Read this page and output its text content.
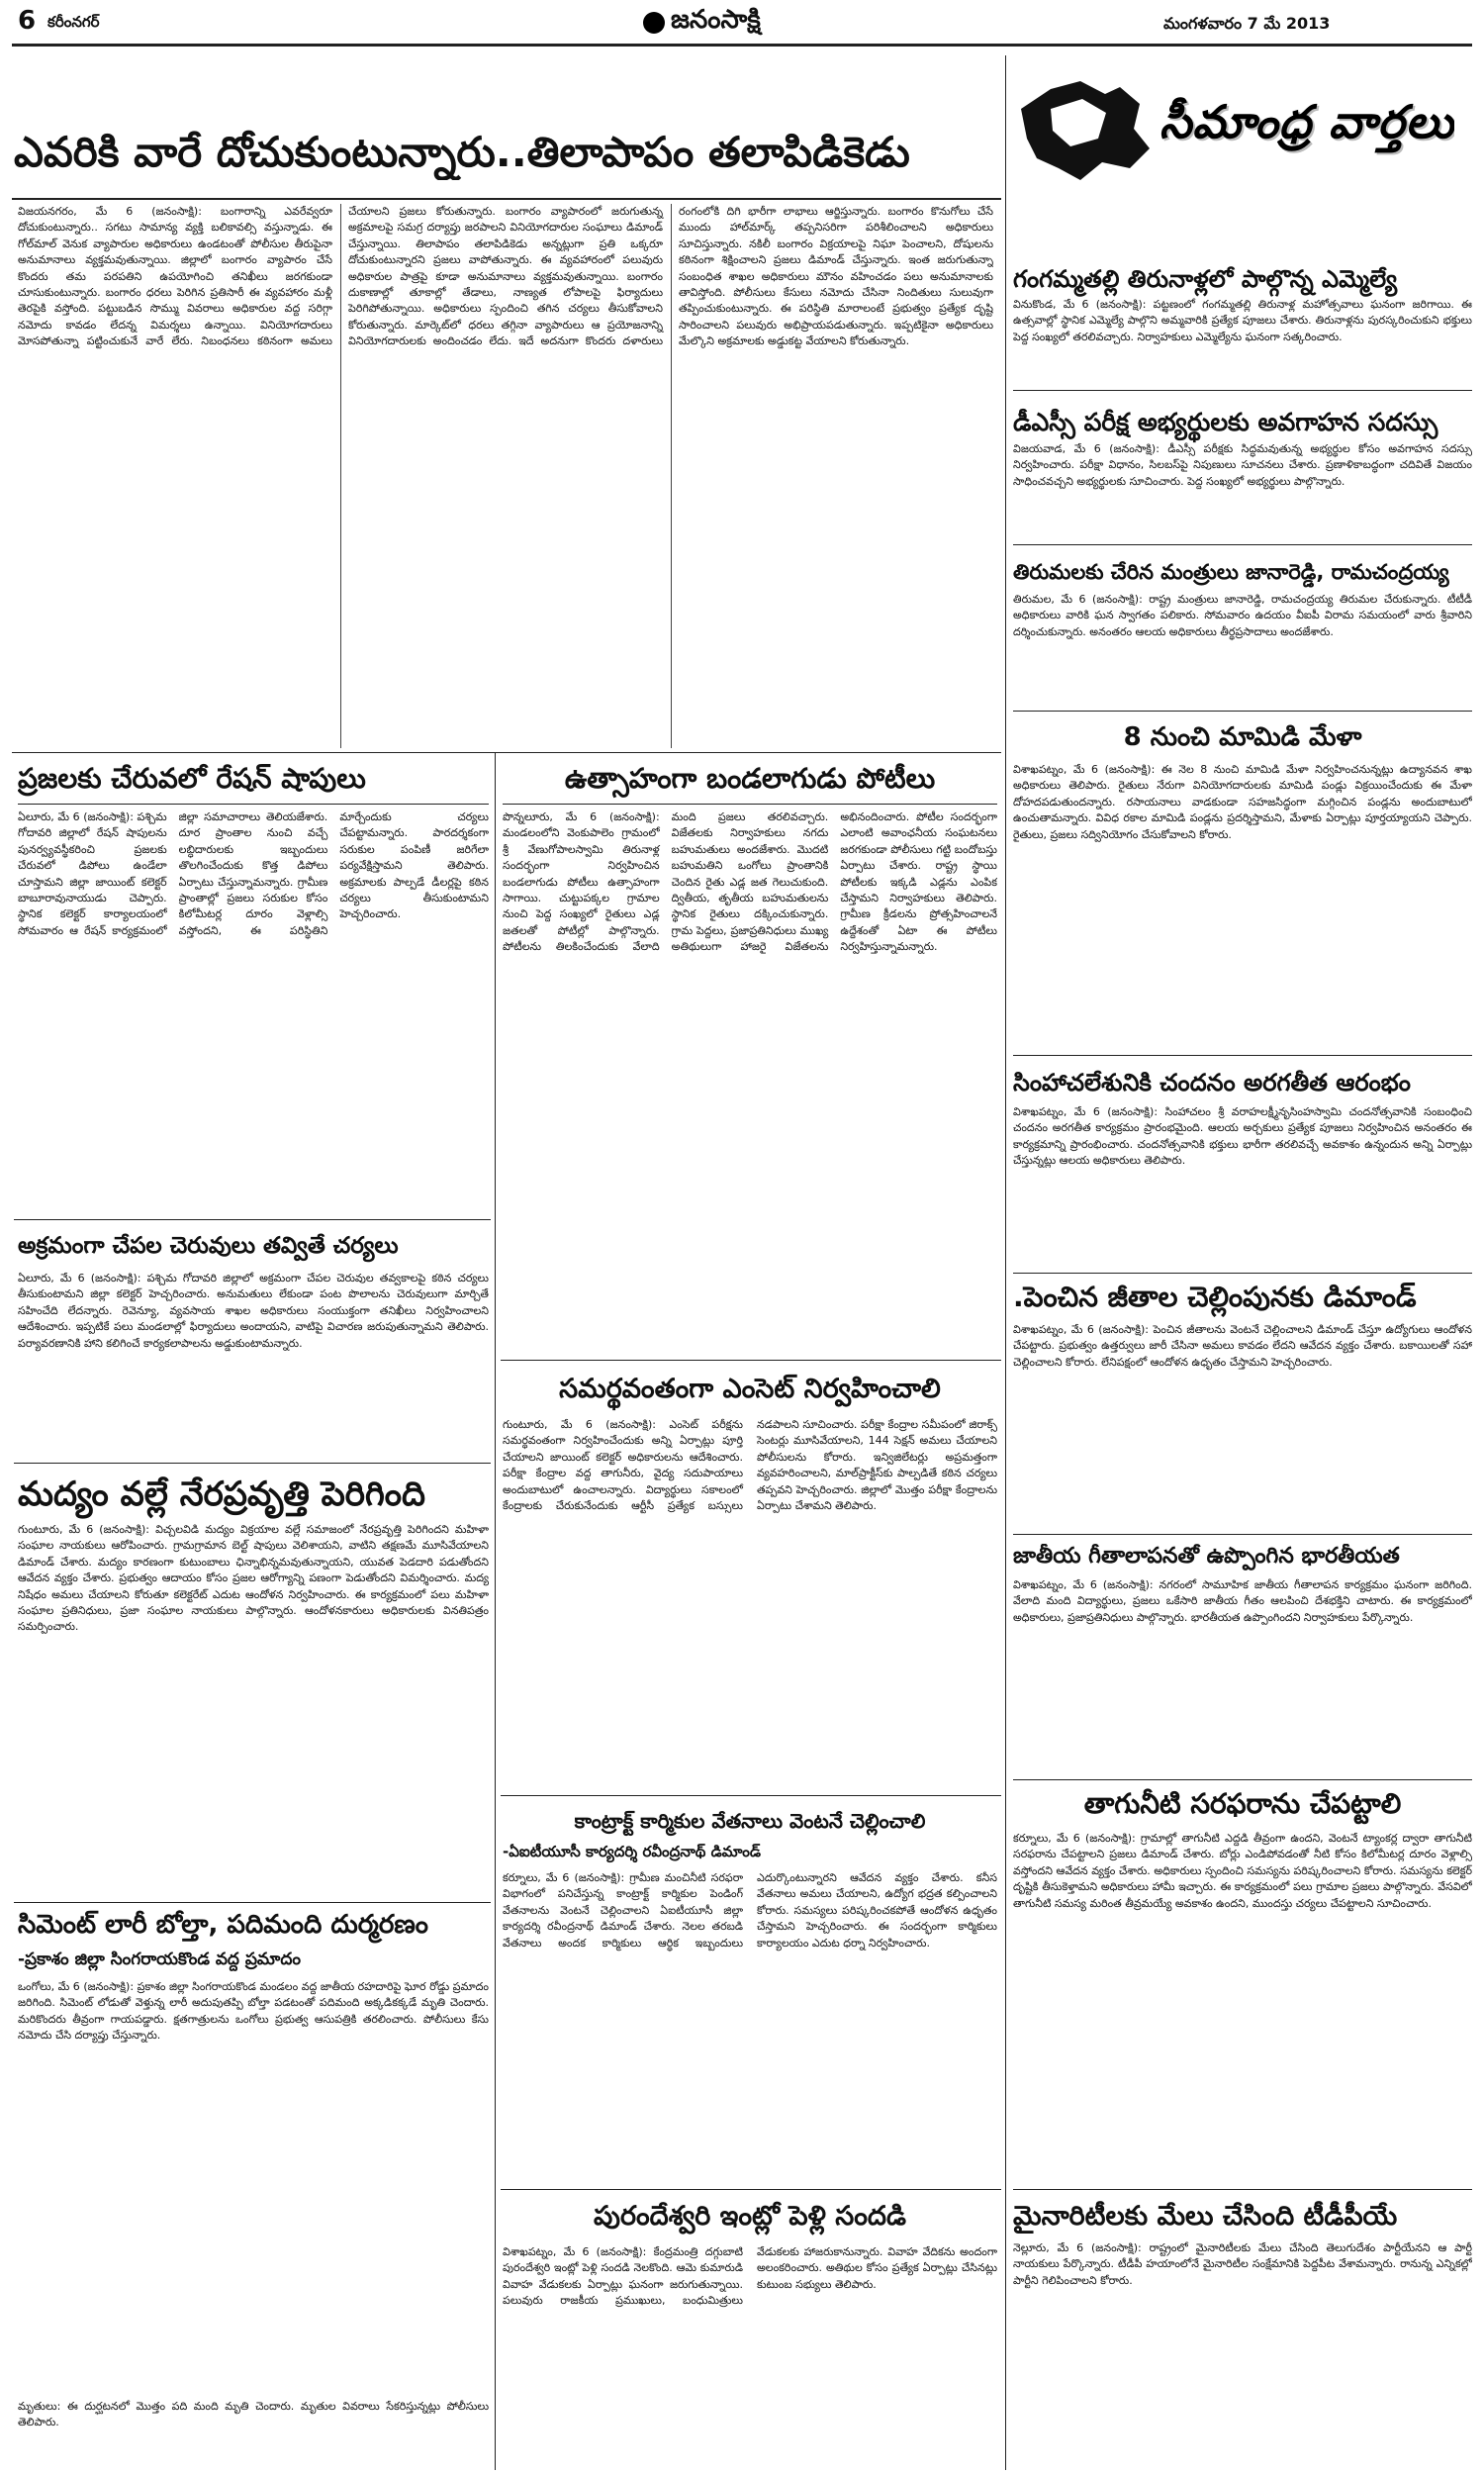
6 కరీంనగర్	జనంసాక్షి	మంగళవారం 7 మే 2013
ఎవరికి వారే దోచుకుంటున్నారు..తిలాపాపం తలాపిడికెడు
విజయనగరం, మే 6 (జనంసాక్షి): బంగారాన్ని ఎవరేవ్వరూ దోచుకుంటున్నారు.. సగటు సామాన్య వ్యక్తి బలికావల్సి వస్తున్నాడు. ఈ గోల్‌మాల్‌ వెనుక వ్యాపారుల అధికారులు ఉండటంతో పోలీసుల తీరుపైనా అనుమానాలు వ్యక్తమవుతున్నాయి. జిల్లాలో బంగారం వ్యాపారం చేసే కొందరు తమ పరపతిని ఉపయోగించి తనిఖీలు జరగకుండా చూసుకుంటున్నారు. బంగారం ధరలు పెరిగిన ప్రతిసారీ ఈ వ్యవహారం మళ్లీ తెరపైకి వస్తోంది. పట్టుబడిన సొమ్ము వివరాలు అధికారుల వద్ద సరిగ్గా నమోదు కావడం లేదన్న విమర్శలు ఉన్నాయి. వినియోగదారులు మోసపోతున్నా పట్టించుకునే వారే లేరు. నిబంధనలు కఠినంగా అమలు చేయాలని ప్రజలు కోరుతున్నారు. బంగారం వ్యాపారంలో జరుగుతున్న అక్రమాలపై సమగ్ర దర్యాప్తు జరపాలని వినియోగదారుల సంఘాలు డిమాండ్‌ చేస్తున్నాయి. తిలాపాపం తలాపిడికెడు అన్నట్లుగా ప్రతి ఒక్కరూ దోచుకుంటున్నారని ప్రజలు వాపోతున్నారు. ఈ వ్యవహారంలో పలువురు అధికారుల పాత్రపై కూడా అనుమానాలు వ్యక్తమవుతున్నాయి. బంగారం దుకాణాల్లో తూకాల్లో తేడాలు, నాణ్యత లోపాలపై ఫిర్యాదులు పెరిగిపోతున్నాయి. అధికారులు స్పందించి తగిన చర్యలు తీసుకోవాలని కోరుతున్నారు. మార్కెట్‌లో ధరలు తగ్గినా వ్యాపారులు ఆ ప్రయోజనాన్ని వినియోగదారులకు అందించడం లేదు. ఇదే అదనుగా కొందరు దళారులు రంగంలోకి దిగి భారీగా లాభాలు ఆర్జిస్తున్నారు. బంగారం కొనుగోలు చేసే ముందు హాల్‌మార్క్‌ తప్పనిసరిగా పరిశీలించాలని అధికారులు సూచిస్తున్నారు. నకిలీ బంగారం విక్రయాలపై నిఘా పెంచాలని, దోషులను కఠినంగా శిక్షించాలని ప్రజలు డిమాండ్‌ చేస్తున్నారు. ఇంత జరుగుతున్నా సంబంధిత శాఖల అధికారులు మౌనం వహించడం పలు అనుమానాలకు తావిస్తోంది. పోలీసులు కేసులు నమోదు చేసినా నిందితులు సులువుగా తప్పించుకుంటున్నారు. ఈ పరిస్థితి మారాలంటే ప్రభుత్వం ప్రత్యేక దృష్టి సారించాలని పలువురు అభిప్రాయపడుతున్నారు. ఇప్పటికైనా అధికారులు మేల్కొని అక్రమాలకు అడ్డుకట్ట వేయాలని కోరుతున్నారు.
సీమాంధ్ర వార్తలు
గంగమ్మతల్లి తిరునాళ్లలో పాల్గొన్న ఎమ్మెల్యే
వినుకొండ, మే 6 (జనంసాక్షి): పట్టణంలో గంగమ్మతల్లి తిరునాళ్ల మహోత్సవాలు ఘనంగా జరిగాయి. ఈ ఉత్సవాల్లో స్థానిక ఎమ్మెల్యే పాల్గొని అమ్మవారికి ప్రత్యేక పూజలు చేశారు. తిరునాళ్లను పురస్కరించుకుని భక్తులు పెద్ద సంఖ్యలో తరలివచ్చారు. నిర్వాహకులు ఎమ్మెల్యేను ఘనంగా సత్కరించారు.
డీఎస్సీ పరీక్ష అభ్యర్థులకు అవగాహన సదస్సు
విజయవాడ, మే 6 (జనంసాక్షి): డీఎస్సీ పరీక్షకు సిద్ధమవుతున్న అభ్యర్థుల కోసం అవగాహన సదస్సు నిర్వహించారు. పరీక్షా విధానం, సిలబస్‌పై నిపుణులు సూచనలు చేశారు. ప్రణాళికాబద్ధంగా చదివితే విజయం సాధించవచ్చని అభ్యర్థులకు సూచించారు. పెద్ద సంఖ్యలో అభ్యర్థులు పాల్గొన్నారు.
తిరుమలకు చేరిన మంత్రులు జానారెడ్డి, రామచంద్రయ్య
తిరుమల, మే 6 (జనంసాక్షి): రాష్ట్ర మంత్రులు జానారెడ్డి, రామచంద్రయ్య తిరుమల చేరుకున్నారు. టీటీడీ అధికారులు వారికి ఘన స్వాగతం పలికారు. సోమవారం ఉదయం వీఐపీ విరామ సమయంలో వారు శ్రీవారిని దర్శించుకున్నారు. అనంతరం ఆలయ అధికారులు తీర్థప్రసాదాలు అందజేశారు.
8 నుంచి మామిడి మేళా
విశాఖపట్నం, మే 6 (జనంసాక్షి): ఈ నెల 8 నుంచి మామిడి మేళా నిర్వహించనున్నట్లు ఉద్యానవన శాఖ అధికారులు తెలిపారు. రైతులు నేరుగా వినియోగదారులకు మామిడి పండ్లు విక్రయించేందుకు ఈ మేళా దోహదపడుతుందన్నారు. రసాయనాలు వాడకుండా సహజసిద్ధంగా మగ్గించిన పండ్లను అందుబాటులో ఉంచుతామన్నారు. వివిధ రకాల మామిడి పండ్లను ప్రదర్శిస్తామని, మేళాకు ఏర్పాట్లు పూర్తయ్యాయని చెప్పారు. రైతులు, ప్రజలు సద్వినియోగం చేసుకోవాలని కోరారు.
సింహాచలేశునికి చందనం అరగతీత ఆరంభం
విశాఖపట్నం, మే 6 (జనంసాక్షి): సింహాచలం శ్రీ వరాహలక్ష్మీనృసింహస్వామి చందనోత్సవానికి సంబంధించి చందనం అరగతీత కార్యక్రమం ప్రారంభమైంది. ఆలయ అర్చకులు ప్రత్యేక పూజలు నిర్వహించిన అనంతరం ఈ కార్యక్రమాన్ని ప్రారంభించారు. చందనోత్సవానికి భక్తులు భారీగా తరలివచ్చే అవకాశం ఉన్నందున అన్ని ఏర్పాట్లు చేస్తున్నట్లు ఆలయ అధికారులు తెలిపారు.
.పెంచిన జీతాల చెల్లింపునకు డిమాండ్‌
విశాఖపట్నం, మే 6 (జనంసాక్షి): పెంచిన జీతాలను వెంటనే చెల్లించాలని డిమాండ్‌ చేస్తూ ఉద్యోగులు ఆందోళన చేపట్టారు. ప్రభుత్వం ఉత్తర్వులు జారీ చేసినా అమలు కావడం లేదని ఆవేదన వ్యక్తం చేశారు. బకాయిలతో సహా చెల్లించాలని కోరారు. లేనిపక్షంలో ఆందోళన ఉధృతం చేస్తామని హెచ్చరించారు.
జాతీయ గీతాలాపనతో ఉప్పొంగిన భారతీయత
విశాఖపట్నం, మే 6 (జనంసాక్షి): నగరంలో సామూహిక జాతీయ గీతాలాపన కార్యక్రమం ఘనంగా జరిగింది. వేలాది మంది విద్యార్థులు, ప్రజలు ఒకేసారి జాతీయ గీతం ఆలపించి దేశభక్తిని చాటారు. ఈ కార్యక్రమంలో అధికారులు, ప్రజాప్రతినిధులు పాల్గొన్నారు. భారతీయత ఉప్పొంగిందని నిర్వాహకులు పేర్కొన్నారు.
తాగునీటి సరఫరాను చేపట్టాలి
కర్నూలు, మే 6 (జనంసాక్షి): గ్రామాల్లో తాగునీటి ఎద్దడి తీవ్రంగా ఉందని, వెంటనే ట్యాంకర్ల ద్వారా తాగునీటి సరఫరాను చేపట్టాలని ప్రజలు డిమాండ్‌ చేశారు. బోర్లు ఎండిపోవడంతో నీటి కోసం కిలోమీటర్ల దూరం వెళ్లాల్సి వస్తోందని ఆవేదన వ్యక్తం చేశారు. అధికారులు స్పందించి సమస్యను పరిష్కరించాలని కోరారు. సమస్యను కలెక్టర్‌ దృష్టికి తీసుకెళ్తామని అధికారులు హామీ ఇచ్చారు. ఈ కార్యక్రమంలో పలు గ్రామాల ప్రజలు పాల్గొన్నారు. వేసవిలో తాగునీటి సమస్య మరింత తీవ్రమయ్యే అవకాశం ఉందని, ముందస్తు చర్యలు చేపట్టాలని సూచించారు.
మైనారిటీలకు మేలు చేసింది టీడీపీయే
నెల్లూరు, మే 6 (జనంసాక్షి): రాష్ట్రంలో మైనారిటీలకు మేలు చేసింది తెలుగుదేశం పార్టీయేనని ఆ పార్టీ నాయకులు పేర్కొన్నారు. టీడీపీ హయాంలోనే మైనారిటీల సంక్షేమానికి పెద్దపీట వేశామన్నారు. రానున్న ఎన్నికల్లో పార్టీని గెలిపించాలని కోరారు.
ప్రజలకు చేరువలో రేషన్‌ షాపులు
ఏలూరు, మే 6 (జనంసాక్షి): పశ్చిమ గోదావరి జిల్లాలో రేషన్‌ షాపులను పునర్వ్యవస్థీకరించి ప్రజలకు చేరువలో డిపోలు ఉండేలా చూస్తామని జిల్లా జాయింట్‌ కలెక్టర్‌ బాబూరావునాయుడు చెప్పారు. స్థానిక కలెక్టర్‌ కార్యాలయంలో సోమవారం ఆ రేషన్‌ కార్యక్రమంలో జిల్లా సమాచారాలు తెలియజేశారు. దూర ప్రాంతాల నుంచి వచ్చే లబ్ధిదారులకు ఇబ్బందులు తొలగించేందుకు కొత్త డిపోలు ఏర్పాటు చేస్తున్నామన్నారు. గ్రామీణ ప్రాంతాల్లో ప్రజలు సరుకుల కోసం కిలోమీటర్ల దూరం వెళ్లాల్సి వస్తోందని, ఈ పరిస్థితిని మార్చేందుకు చర్యలు చేపట్టామన్నారు. పారదర్శకంగా సరుకుల పంపిణీ జరిగేలా పర్యవేక్షిస్తామని తెలిపారు. అక్రమాలకు పాల్పడే డీలర్లపై కఠిన చర్యలు తీసుకుంటామని హెచ్చరించారు.
అక్రమంగా చేపల చెరువులు తవ్వితే చర్యలు
ఏలూరు, మే 6 (జనంసాక్షి): పశ్చిమ గోదావరి జిల్లాలో అక్రమంగా చేపల చెరువుల తవ్వకాలపై కఠిన చర్యలు తీసుకుంటామని జిల్లా కలెక్టర్‌ హెచ్చరించారు. అనుమతులు లేకుండా పంట పొలాలను చెరువులుగా మార్చితే సహించేది లేదన్నారు. రెవెన్యూ, వ్యవసాయ శాఖల అధికారులు సంయుక్తంగా తనిఖీలు నిర్వహించాలని ఆదేశించారు. ఇప్పటికే పలు మండలాల్లో ఫిర్యాదులు అందాయని, వాటిపై విచారణ జరుపుతున్నామని తెలిపారు. పర్యావరణానికి హాని కలిగించే కార్యకలాపాలను అడ్డుకుంటామన్నారు.
మద్యం వల్లే నేరప్రవృత్తి పెరిగింది
గుంటూరు, మే 6 (జనంసాక్షి): విచ్చలవిడి మద్యం విక్రయాల వల్లే సమాజంలో నేరప్రవృత్తి పెరిగిందని మహిళా సంఘాల నాయకులు ఆరోపించారు. గ్రామగ్రామాన బెల్ట్‌ షాపులు వెలిశాయని, వాటిని తక్షణమే మూసివేయాలని డిమాండ్‌ చేశారు. మద్యం కారణంగా కుటుంబాలు ఛిన్నాభిన్నమవుతున్నాయని, యువత పెడదారి పడుతోందని ఆవేదన వ్యక్తం చేశారు. ప్రభుత్వం ఆదాయం కోసం ప్రజల ఆరోగ్యాన్ని పణంగా పెడుతోందని విమర్శించారు. మద్య నిషేధం అమలు చేయాలని కోరుతూ కలెక్టరేట్‌ ఎదుట ఆందోళన నిర్వహించారు. ఈ కార్యక్రమంలో పలు మహిళా సంఘాల ప్రతినిధులు, ప్రజా సంఘాల నాయకులు పాల్గొన్నారు. ఆందోళనకారులు అధికారులకు వినతిపత్రం సమర్పించారు.
సిమెంట్‌ లారీ బోల్తా, పదిమంది దుర్మరణం
-ప్రకాశం జిల్లా సింగరాయకొండ వద్ద ప్రమాదం
ఒంగోలు, మే 6 (జనంసాక్షి): ప్రకాశం జిల్లా సింగరాయకొండ మండలం వద్ద జాతీయ రహదారిపై ఘోర రోడ్డు ప్రమాదం జరిగింది. సిమెంట్‌ లోడుతో వెళ్తున్న లారీ అదుపుతప్పి బోల్తా పడటంతో పదిమంది అక్కడికక్కడే మృతి చెందారు. మరికొందరు తీవ్రంగా గాయపడ్డారు. క్షతగాత్రులను ఒంగోలు ప్రభుత్వ ఆసుపత్రికి తరలించారు. పోలీసులు కేసు నమోదు చేసి దర్యాప్తు చేస్తున్నారు.
మృతులు: ఈ దుర్ఘటనలో మొత్తం పది మంది మృతి చెందారు. మృతుల వివరాలు సేకరిస్తున్నట్లు పోలీసులు తెలిపారు.
ఉత్సాహంగా బండలాగుడు పోటీలు
పొన్నలూరు, మే 6 (జనంసాక్షి): మండలంలోని వెంకుపాలెం గ్రామంలో శ్రీ వేణుగోపాలస్వామి తిరునాళ్ల సందర్భంగా నిర్వహించిన బండలాగుడు పోటీలు ఉత్సాహంగా సాగాయి. చుట్టుపక్కల గ్రామాల నుంచి పెద్ద సంఖ్యలో రైతులు ఎడ్ల జతలతో పోటీల్లో పాల్గొన్నారు. పోటీలను తిలకించేందుకు వేలాది మంది ప్రజలు తరలివచ్చారు. విజేతలకు నిర్వాహకులు నగదు బహుమతులు అందజేశారు. మొదటి బహుమతిని ఒంగోలు ప్రాంతానికి చెందిన రైతు ఎడ్ల జత గెలుచుకుంది. ద్వితీయ, తృతీయ బహుమతులను స్థానిక రైతులు దక్కించుకున్నారు. గ్రామ పెద్దలు, ప్రజాప్రతినిధులు ముఖ్య అతిథులుగా హాజరై విజేతలను అభినందించారు. పోటీల సందర్భంగా ఎలాంటి అవాంఛనీయ సంఘటనలు జరగకుండా పోలీసులు గట్టి బందోబస్తు ఏర్పాటు చేశారు. రాష్ట్ర స్థాయి పోటీలకు ఇక్కడి ఎడ్లను ఎంపిక చేస్తామని నిర్వాహకులు తెలిపారు. గ్రామీణ క్రీడలను ప్రోత్సహించాలనే ఉద్దేశంతో ఏటా ఈ పోటీలు నిర్వహిస్తున్నామన్నారు.
సమర్థవంతంగా ఎంసెట్‌ నిర్వహించాలి
గుంటూరు, మే 6 (జనంసాక్షి): ఎంసెట్‌ పరీక్షను సమర్థవంతంగా నిర్వహించేందుకు అన్ని ఏర్పాట్లు పూర్తి చేయాలని జాయింట్‌ కలెక్టర్‌ అధికారులను ఆదేశించారు. పరీక్షా కేంద్రాల వద్ద తాగునీరు, వైద్య సదుపాయాలు అందుబాటులో ఉంచాలన్నారు. విద్యార్థులు సకాలంలో కేంద్రాలకు చేరుకునేందుకు ఆర్టీసీ ప్రత్యేక బస్సులు నడపాలని సూచించారు. పరీక్షా కేంద్రాల సమీపంలో జిరాక్స్‌ సెంటర్లు మూసివేయాలని, 144 సెక్షన్‌ అమలు చేయాలని పోలీసులను కోరారు. ఇన్విజిలేటర్లు అప్రమత్తంగా వ్యవహరించాలని, మాల్‌ప్రాక్టీస్‌కు పాల్పడితే కఠిన చర్యలు తప్పవని హెచ్చరించారు. జిల్లాలో మొత్తం పరీక్షా కేంద్రాలను ఏర్పాటు చేశామని తెలిపారు.
కాంట్రాక్ట్‌ కార్మికుల వేతనాలు వెంటనే చెల్లించాలి
-ఏఐటీయూసీ కార్యదర్శి రవీంద్రనాథ్‌ డిమాండ్‌
కర్నూలు, మే 6 (జనంసాక్షి): గ్రామీణ మంచినీటి సరఫరా విభాగంలో పనిచేస్తున్న కాంట్రాక్ట్‌ కార్మికుల పెండింగ్‌ వేతనాలను వెంటనే చెల్లించాలని ఏఐటీయూసీ జిల్లా కార్యదర్శి రవీంద్రనాథ్‌ డిమాండ్‌ చేశారు. నెలల తరబడి వేతనాలు అందక కార్మికులు ఆర్థిక ఇబ్బందులు ఎదుర్కొంటున్నారని ఆవేదన వ్యక్తం చేశారు. కనీస వేతనాలు అమలు చేయాలని, ఉద్యోగ భద్రత కల్పించాలని కోరారు. సమస్యలు పరిష్కరించకపోతే ఆందోళన ఉధృతం చేస్తామని హెచ్చరించారు. ఈ సందర్భంగా కార్మికులు కార్యాలయం ఎదుట ధర్నా నిర్వహించారు.
పురందేశ్వరి ఇంట్లో పెళ్లి సందడి
విశాఖపట్నం, మే 6 (జనంసాక్షి): కేంద్రమంత్రి దగ్గుబాటి పురందేశ్వరి ఇంట్లో పెళ్లి సందడి నెలకొంది. ఆమె కుమారుడి వివాహ వేడుకలకు ఏర్పాట్లు ఘనంగా జరుగుతున్నాయి. పలువురు రాజకీయ ప్రముఖులు, బంధుమిత్రులు వేడుకలకు హాజరుకానున్నారు. వివాహ వేదికను అందంగా అలంకరించారు. అతిథుల కోసం ప్రత్యేక ఏర్పాట్లు చేసినట్లు కుటుంబ సభ్యులు తెలిపారు.
